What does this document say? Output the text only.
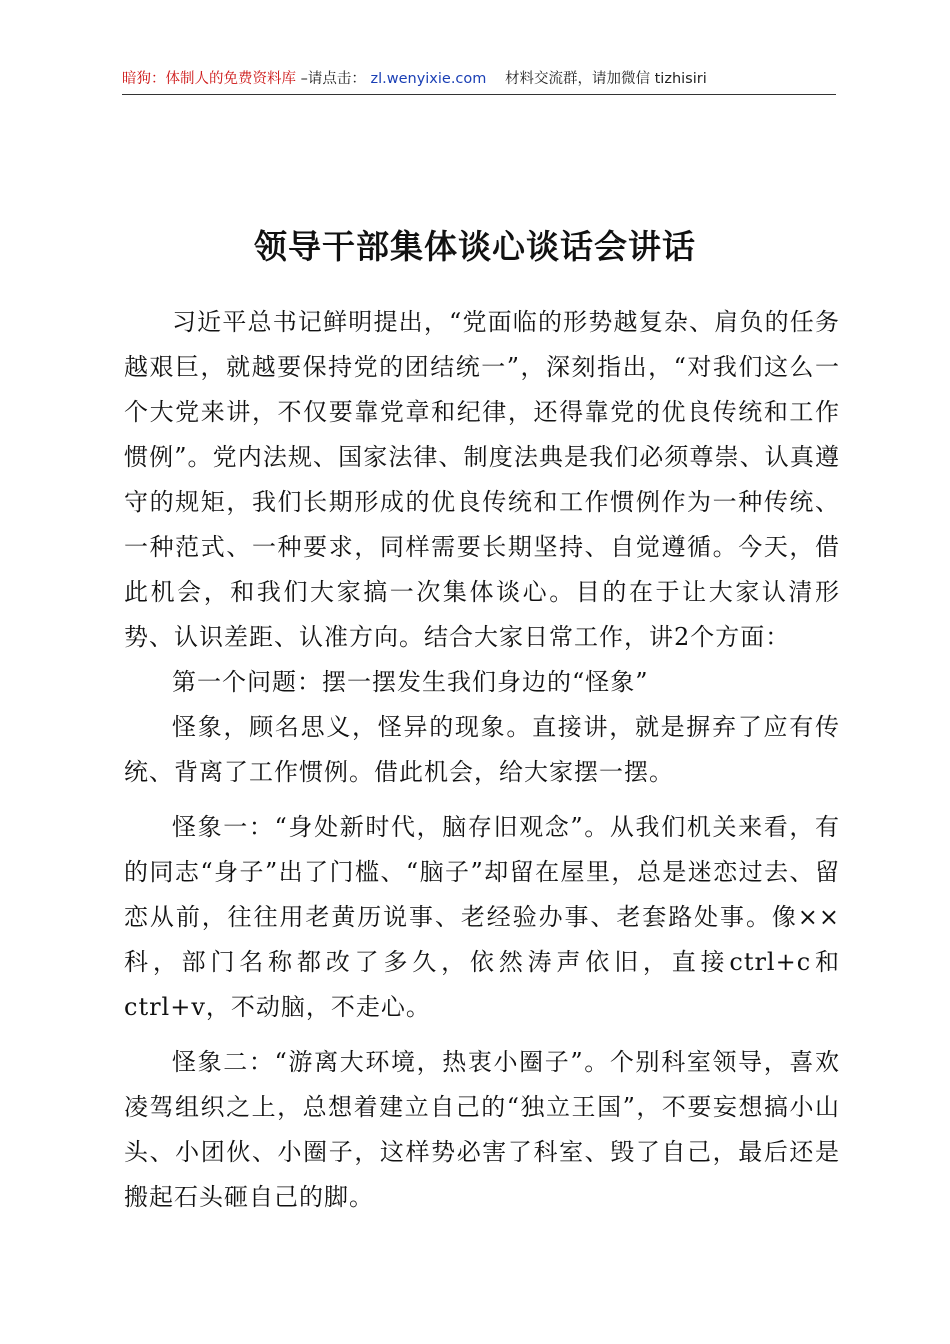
暗狗：体制人的免费资料库 –请点击： zl.wenyixie.com 材料交流群，请加微信 tizhisiri
领导干部集体谈心谈话会讲话

习近平总书记鲜明提出，“党面临的形势越复杂、肩负的任务越艰巨，就越要保持党的团结统一”，深刻指出，“对我们这么一个大党来讲，不仅要靠党章和纪律，还得靠党的优良传统和工作惯例”。党内法规、国家法律、制度法典是我们必须尊崇、认真遵守的规矩，我们长期形成的优良传统和工作惯例作为一种传统、一种范式、一种要求，同样需要长期坚持、自觉遵循。今天，借此机会，和我们大家搞一次集体谈心。目的在于让大家认清形势、认识差距、认准方向。结合大家日常工作，讲2个方面：

第一个问题：摆一摆发生我们身边的“怪象”

怪象，顾名思义，怪异的现象。直接讲，就是摒弃了应有传统、背离了工作惯例。借此机会，给大家摆一摆。

怪象一：“身处新时代，脑存旧观念”。从我们机关来看，有的同志“身子”出了门槛、“脑子”却留在屋里，总是迷恋过去、留恋从前，往往用老黄历说事、老经验办事、老套路处事。像××科，部门名称都改了多久，依然涛声依旧，直接ctrl+c和ctrl+v，不动脑，不走心。

怪象二：“游离大环境，热衷小圈子”。个别科室领导，喜欢凌驾组织之上，总想着建立自己的“独立王国”，不要妄想搞小山头、小团伙、小圈子，这样势必害了科室、毁了自己，最后还是搬起石头砸自己的脚。
